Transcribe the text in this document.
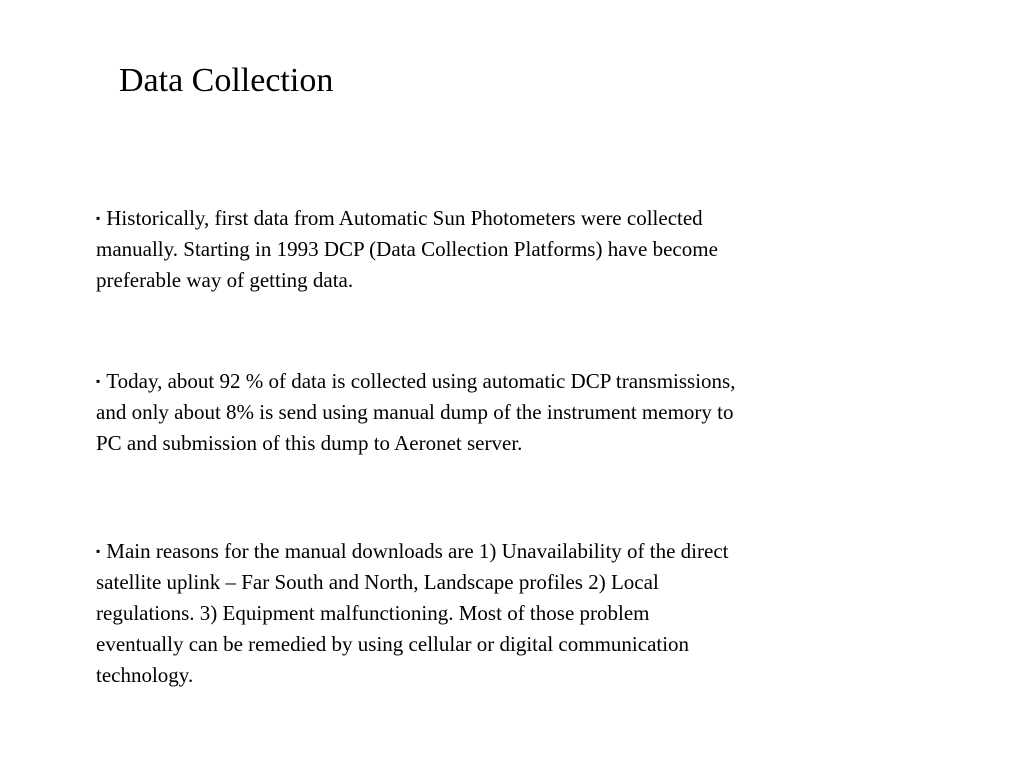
Data Collection
▪ Historically, first data from Automatic Sun Photometers were collected
manually. Starting in 1993 DCP (Data Collection Platforms) have become
preferable way of getting data.
▪ Today, about 92 % of data is collected using automatic DCP transmissions,
and only about 8% is send using manual dump of the instrument memory to
PC and submission of this dump to Aeronet server.
▪ Main reasons for the manual downloads are 1) Unavailability of the direct
satellite uplink – Far South and North, Landscape profiles 2) Local
regulations. 3) Equipment malfunctioning. Most of those problem
eventually can be remedied by using cellular or digital communication
technology.
